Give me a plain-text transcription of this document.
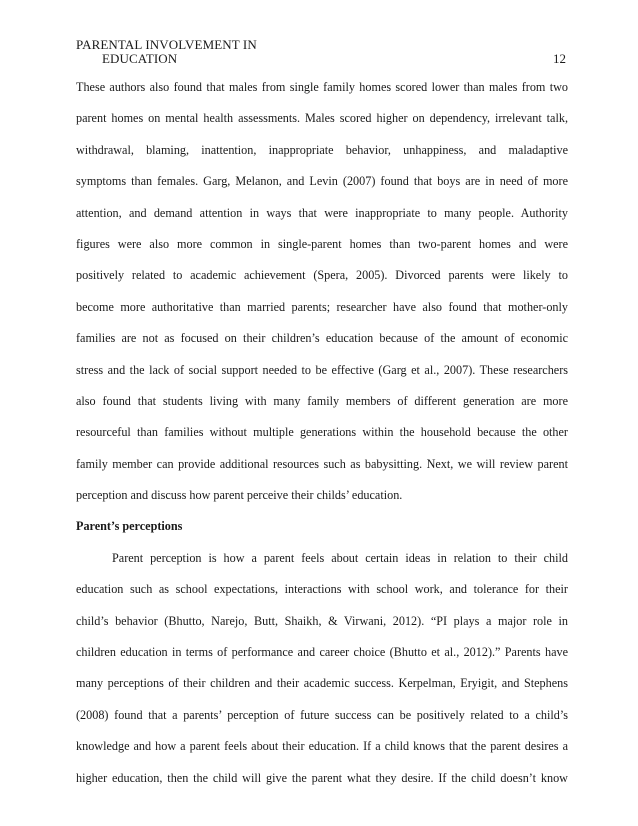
PARENTAL INVOLVEMENT IN
EDUCATION	12
These authors also found that males from single family homes scored lower than males from two
parent homes on mental health assessments. Males scored higher on dependency, irrelevant talk,
withdrawal, blaming, inattention, inappropriate behavior, unhappiness, and maladaptive
symptoms than females. Garg, Melanon, and Levin (2007) found that boys are in need of more
attention, and demand attention in ways that were inappropriate to many people. Authority
figures were also more common in single-parent homes than two-parent homes and were
positively related to academic achievement (Spera, 2005). Divorced parents were likely to
become more authoritative than married parents; researcher have also found that mother-only
families are not as focused on their children’s education because of the amount of economic
stress and the lack of social support needed to be effective (Garg et al., 2007). These researchers
also found that students living with many family members of different generation are more
resourceful than families without multiple generations within the household because the other
family member can provide additional resources such as babysitting. Next, we will review parent
perception and discuss how parent perceive their childs’ education.
Parent’s perceptions
Parent perception is how a parent feels about certain ideas in relation to their child
education such as school expectations, interactions with school work, and tolerance for their
child’s behavior (Bhutto, Narejo, Butt, Shaikh, & Virwani, 2012). “PI plays a major role in
children education in terms of performance and career choice (Bhutto et al., 2012).” Parents have
many perceptions of their children and their academic success. Kerpelman, Eryigit, and Stephens
(2008) found that a parents’ perception of future success can be positively related to a child’s
knowledge and how a parent feels about their education. If a child knows that the parent desires a
higher education, then the child will give the parent what they desire. If the child doesn’t know
